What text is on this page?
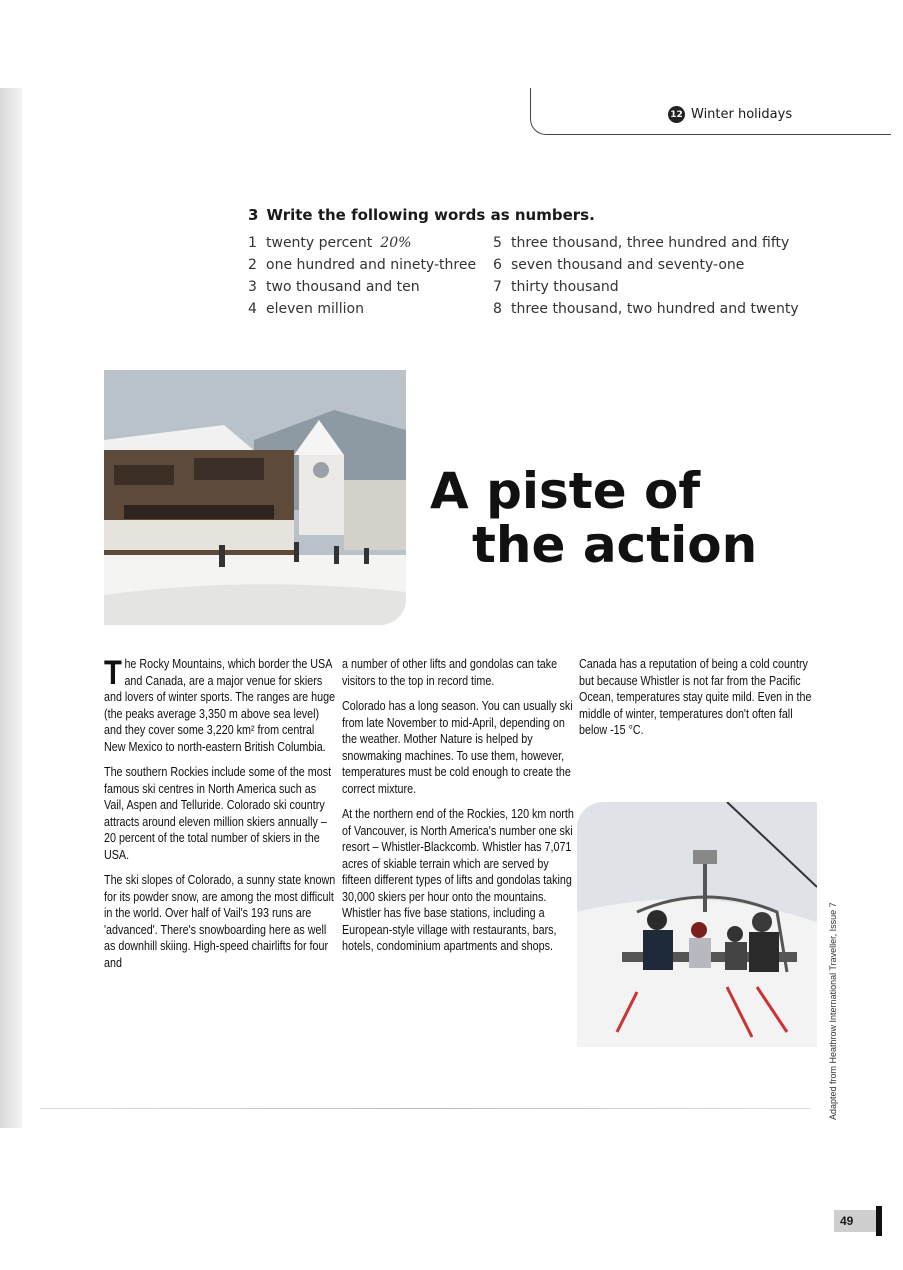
12 Winter holidays
3 Write the following words as numbers.
1 twenty percent 20%
2 one hundred and ninety-three
3 two thousand and ten
4 eleven million
5 three thousand, three hundred and fifty
6 seven thousand and seventy-one
7 thirty thousand
8 three thousand, two hundred and twenty
A piste of
the action

The Rocky Mountains, which border the USA and Canada, are a major venue for skiers and lovers of winter sports. The ranges are huge (the peaks average 3,350 m above sea level) and they cover some 3,220 km² from central New Mexico to north-eastern British Columbia.

The southern Rockies include some of the most famous ski centres in North America such as Vail, Aspen and Telluride. Colorado ski country attracts around eleven million skiers annually – 20 percent of the total number of skiers in the USA.

The ski slopes of Colorado, a sunny state known for its powder snow, are among the most difficult in the world. Over half of Vail's 193 runs are 'advanced'. There's snowboarding here as well as downhill skiing. High-speed chairlifts for four and

a number of other lifts and gondolas can take visitors to the top in record time.

Colorado has a long season. You can usually ski from late November to mid-April, depending on the weather. Mother Nature is helped by snowmaking machines. To use them, however, temperatures must be cold enough to create the correct mixture.

At the northern end of the Rockies, 120 km north of Vancouver, is North America's number one ski resort – Whistler-Blackcomb. Whistler has 7,071 acres of skiable terrain which are served by fifteen different types of lifts and gondolas taking 30,000 skiers per hour onto the mountains. Whistler has five base stations, including a European-style village with restaurants, bars, hotels, condominium apartments and shops.

Canada has a reputation of being a cold country but because Whistler is not far from the Pacific Ocean, temperatures stay quite mild. Even in the middle of winter, temperatures don't often fall below -15 °C.

Adapted from Heathrow International Traveller, Issue 7
49
